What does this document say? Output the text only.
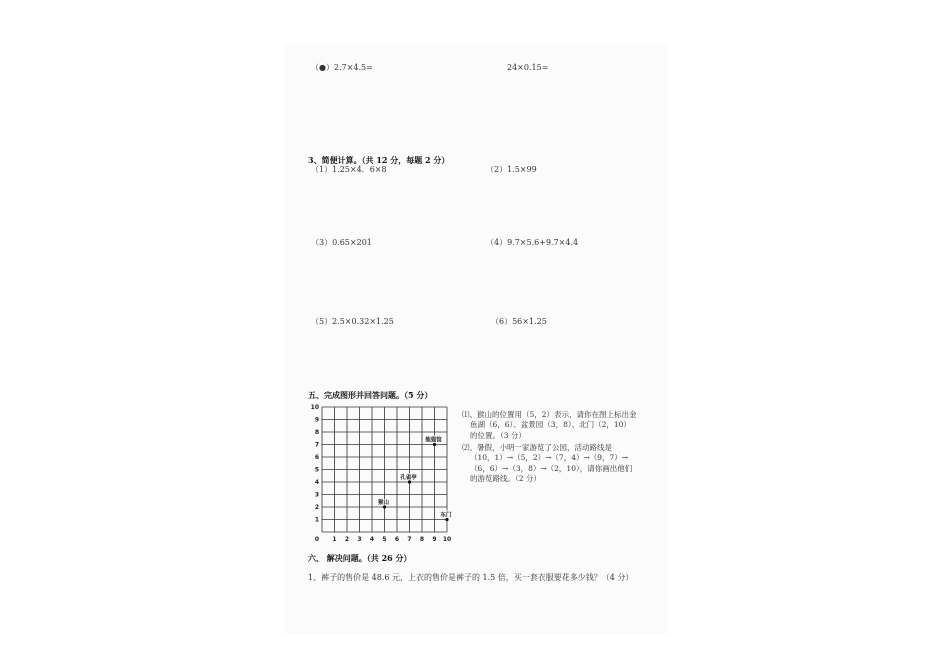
（●）2.7×4.5=	24×0.15=
3、简便计算。（共 12 分，每题 2 分）
（1）1.25×4．6×8	（2）1.5×99
（3）0.65×201	（4）9.7×5.6+9.7×4.4
（5）2.5×0.32×1.25	（6）56×1.25
五、完成图形并回答问题。（5 分）
10
9
8
7
6
5
4
3
2
1
0 1 2 3 4 5 6 7 8 9 10
猴山
孔雀亭
熊猫馆
东门
⑴、猴山的位置用（5，2）表示，请你在图上标出金
鱼湖（6，6）、盆景园（3，8）、北门（2，10）
的位置。（3 分）
⑵、暑假，小明一家游览了公园，活动路线是
（10，1）→（5，2）→（7，4）→（9，7）→
（6，6）→（3，8）→（2，10），请你画出他们
的游览路线。（2 分）
六、 解决问题。（共 26 分）
1、裤子的售价是 48.6 元，上衣的售价是裤子的 1.5 倍，买一套衣服要花多少钱？（4 分）
